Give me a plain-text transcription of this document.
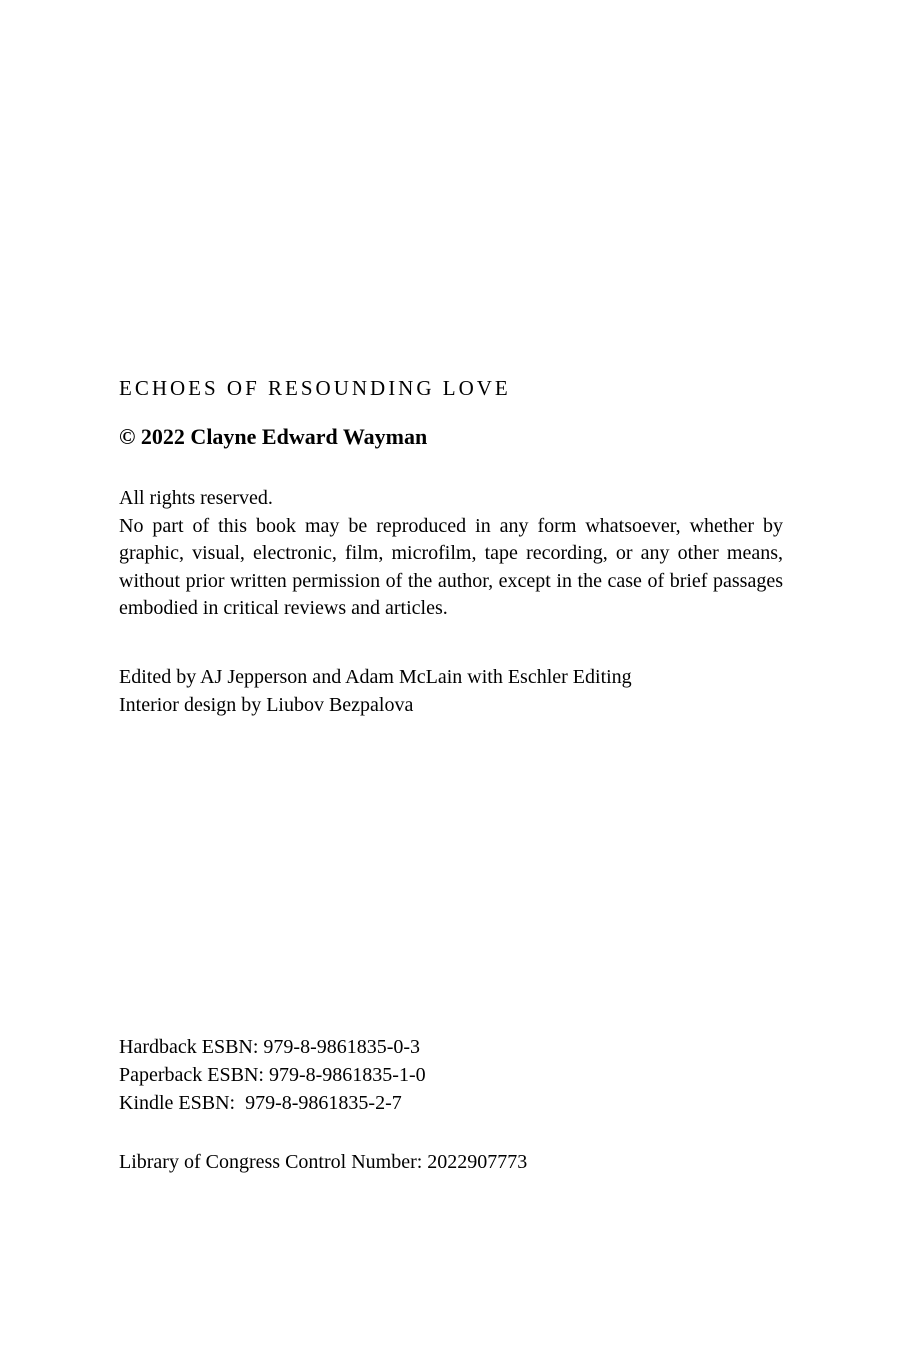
ECHOES OF RESOUNDING LOVE
© 2022 Clayne Edward Wayman
All rights reserved.

No part of this book may be reproduced in any form whatsoever, whether by graphic, visual, electronic, film, microfilm, tape recording, or any other means, without prior written permission of the author, except in the case of brief passages embodied in critical reviews and articles.

Edited by AJ Jepperson and Adam McLain with Eschler Editing
Interior design by Liubov Bezpalova
Hardback ESBN: 979-8-9861835-0-3
Paperback ESBN: 979-8-9861835-1-0
Kindle ESBN:  979-8-9861835-2-7
Library of Congress Control Number: 2022907773
